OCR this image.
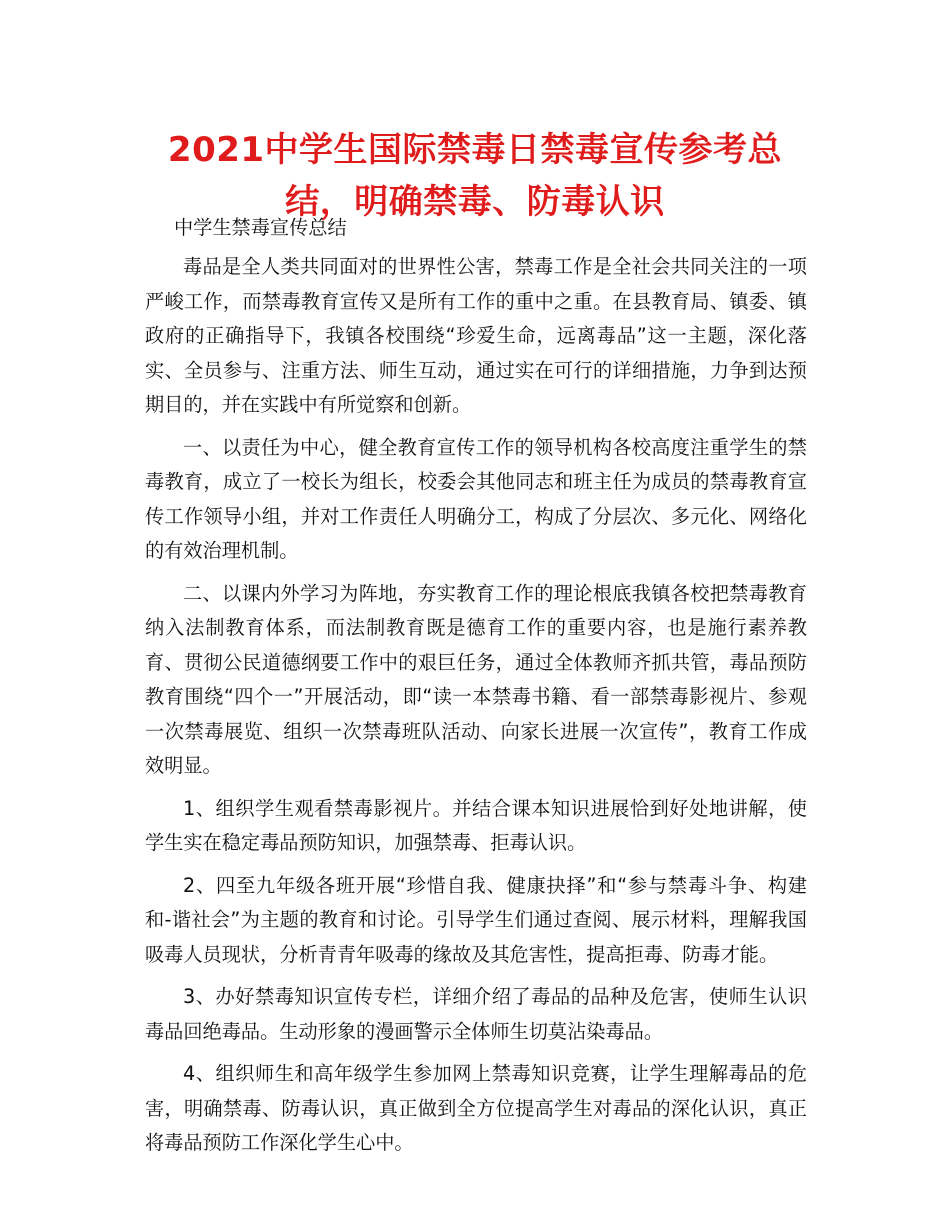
2021中学生国际禁毒日禁毒宣传参考总结，明确禁毒、防毒认识
中学生禁毒宣传总结

毒品是全人类共同面对的世界性公害，禁毒工作是全社会共同关注的一项严峻工作，而禁毒教育宣传又是所有工作的重中之重。在县教育局、镇委、镇政府的正确指导下，我镇各校围绕“珍爱生命，远离毒品”这一主题，深化落实、全员参与、注重方法、师生互动，通过实在可行的详细措施，力争到达预期目的，并在实践中有所觉察和创新。

一、以责任为中心，健全教育宣传工作的领导机构各校高度注重学生的禁毒教育，成立了一校长为组长，校委会其他同志和班主任为成员的禁毒教育宣传工作领导小组，并对工作责任人明确分工，构成了分层次、多元化、网络化的有效治理机制。

二、以课内外学习为阵地，夯实教育工作的理论根底我镇各校把禁毒教育纳入法制教育体系，而法制教育既是德育工作的重要内容，也是施行素养教育、贯彻公民道德纲要工作中的艰巨任务，通过全体教师齐抓共管，毒品预防教育围绕“四个一”开展活动，即“读一本禁毒书籍、看一部禁毒影视片、参观一次禁毒展览、组织一次禁毒班队活动、向家长进展一次宣传”，教育工作成效明显。

1、组织学生观看禁毒影视片。并结合课本知识进展恰到好处地讲解，使学生实在稳定毒品预防知识，加强禁毒、拒毒认识。

2、四至九年级各班开展“珍惜自我、健康抉择”和“参与禁毒斗争、构建和-谐社会”为主题的教育和讨论。引导学生们通过查阅、展示材料，理解我国吸毒人员现状，分析青青年吸毒的缘故及其危害性，提高拒毒、防毒才能。

3、办好禁毒知识宣传专栏，详细介绍了毒品的品种及危害，使师生认识毒品回绝毒品。生动形象的漫画警示全体师生切莫沾染毒品。

4、组织师生和高年级学生参加网上禁毒知识竞赛，让学生理解毒品的危害，明确禁毒、防毒认识，真正做到全方位提高学生对毒品的深化认识，真正将毒品预防工作深化学生心中。
